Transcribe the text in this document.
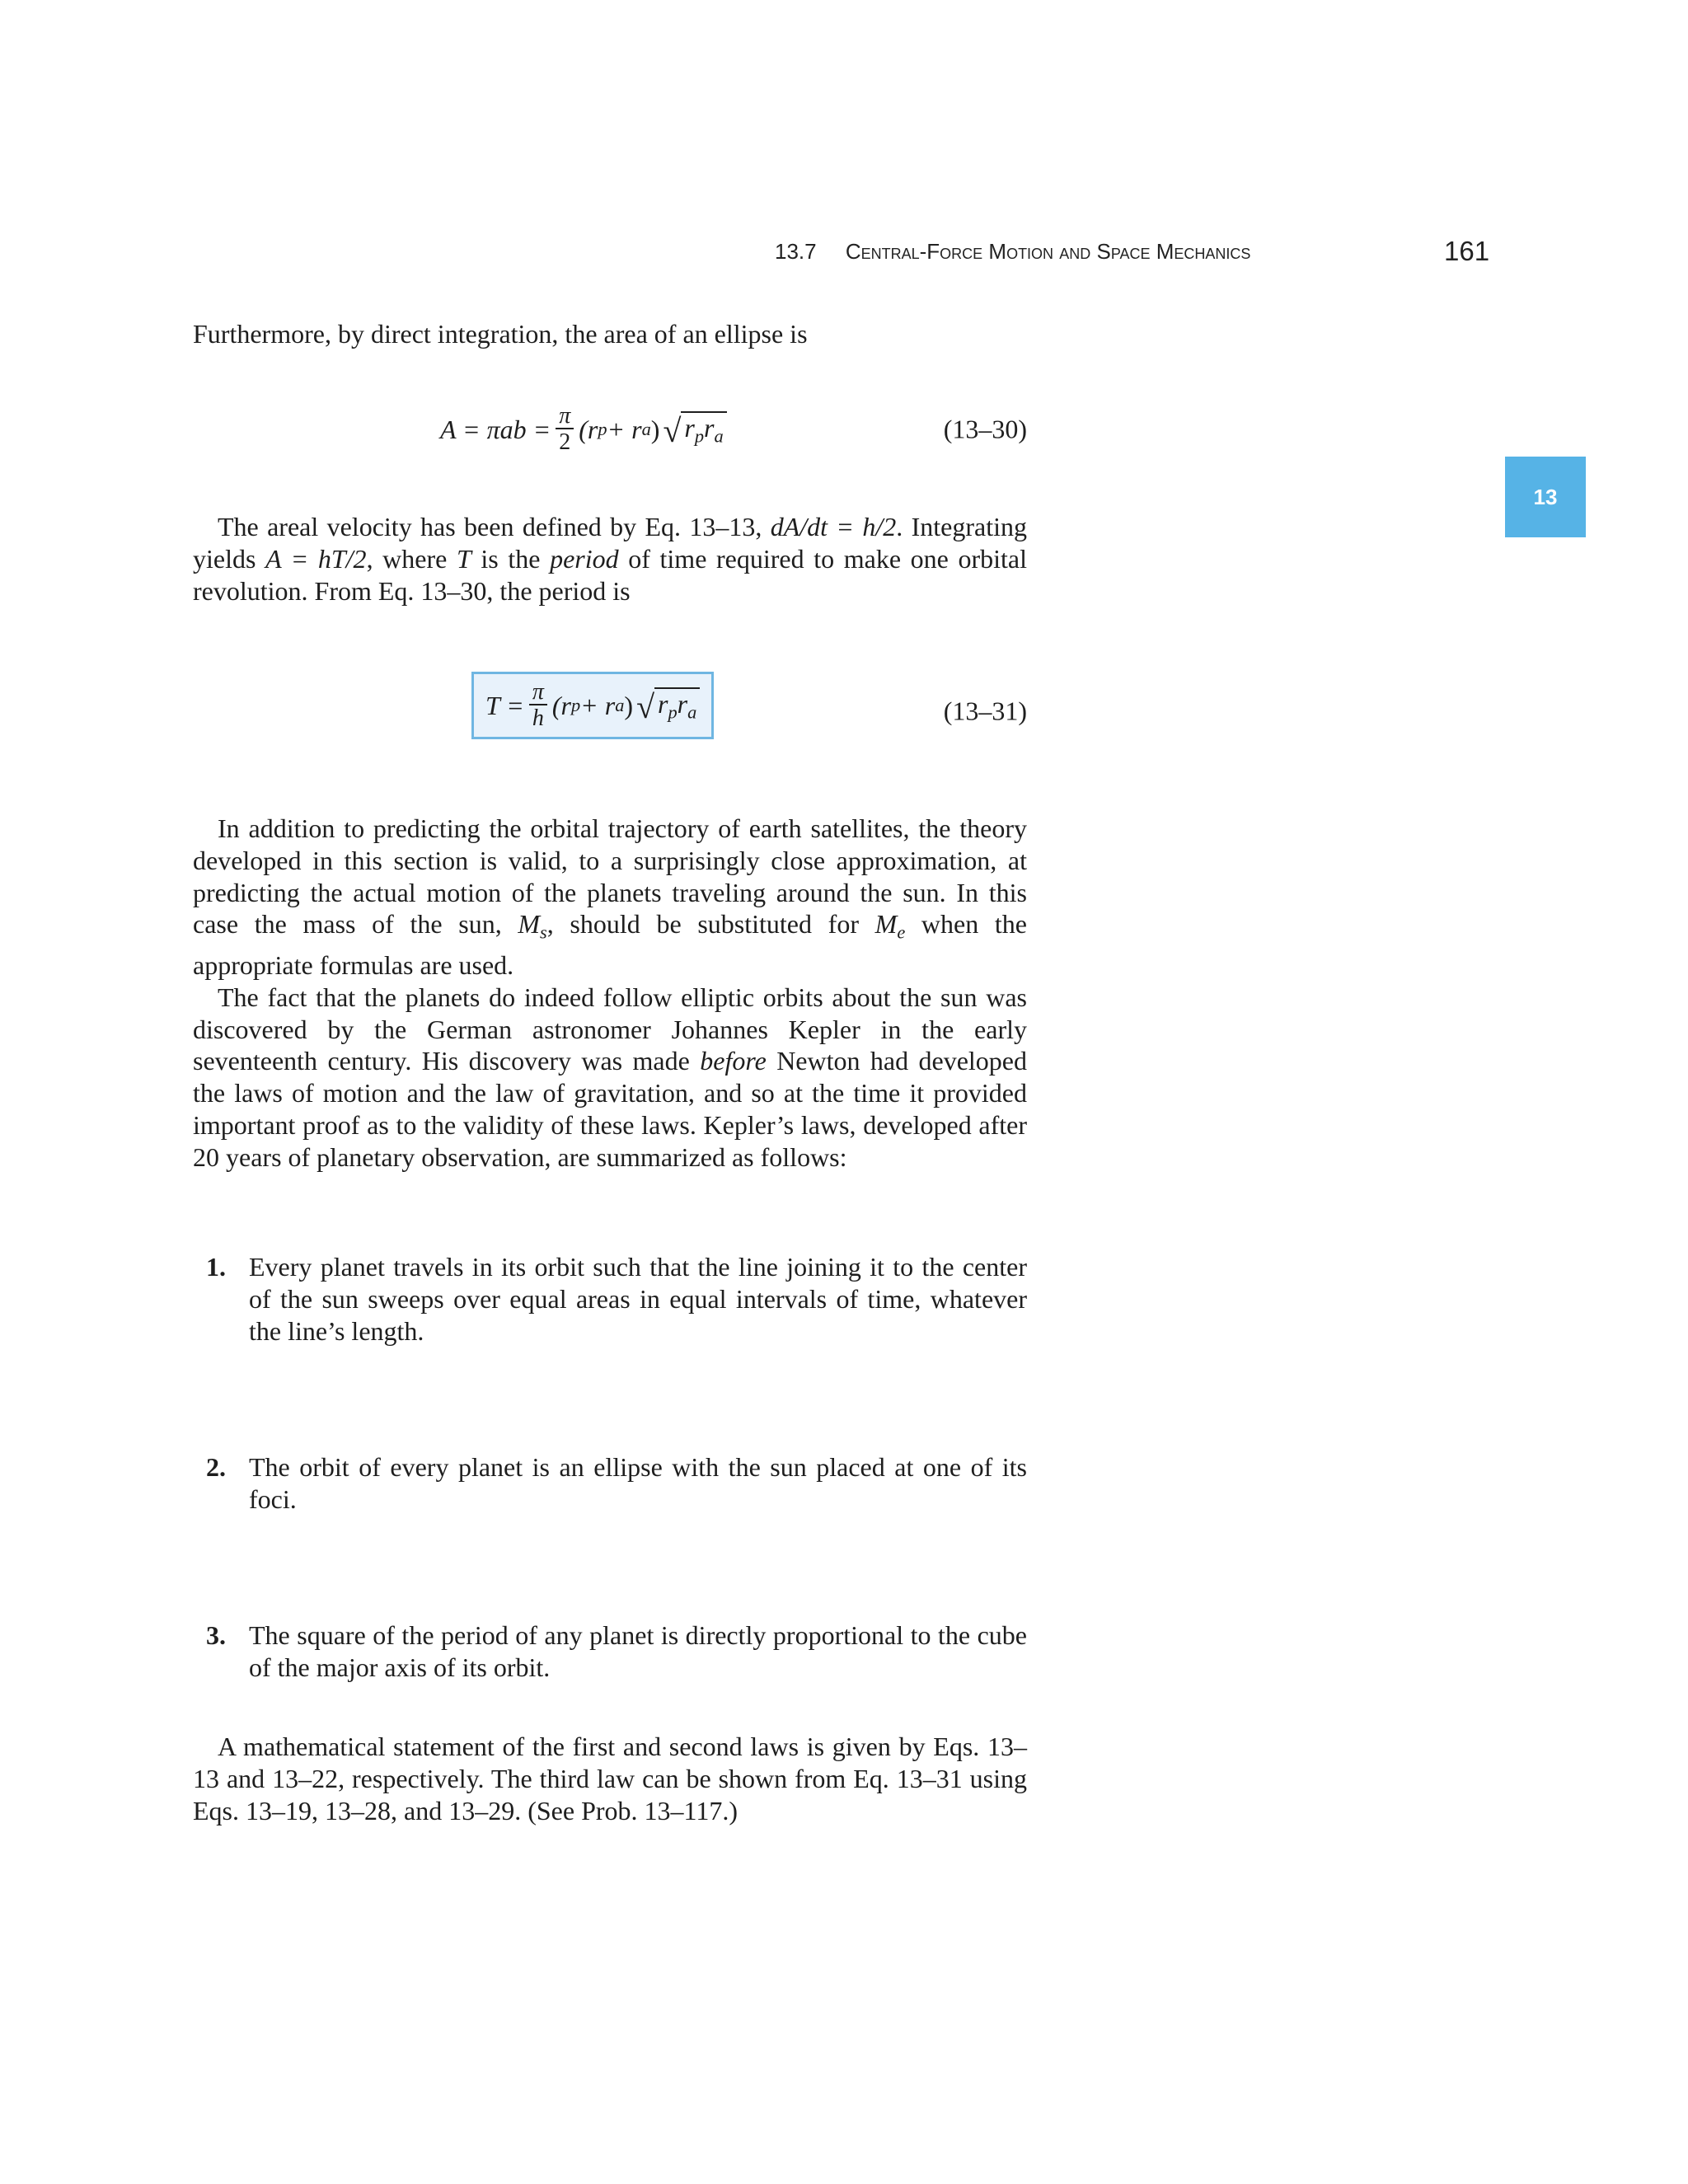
13.7 Central-Force Motion and Space Mechanics	161
13

Furthermore, by direct integration, the area of an ellipse is

$A = \pi ab = \frac{\pi}{2} (r$ p + r a ) √ $r_pr_a$	(13–30)

The areal velocity has been defined by Eq. 13–13, dA/dt = h/2. Integrating yields A = hT/2, where T is the period of time required to make one orbital revolution. From Eq. 13–30, the period is

$T = \frac{\pi}{h} (r$ p + r a ) √ $r_pr_a$	(13–31)

In addition to predicting the orbital trajectory of earth satellites, the theory developed in this section is valid, to a surprisingly close approximation, at predicting the actual motion of the planets traveling around the sun. In this case the mass of the sun, $M_s$, should be substituted for $M_e$ when the appropriate formulas are used.

The fact that the planets do indeed follow elliptic orbits about the sun was discovered by the German astronomer Johannes Kepler in the early seventeenth century. His discovery was made before Newton had developed the laws of motion and the law of gravitation, and so at the time it provided important proof as to the validity of these laws. Kepler’s laws, developed after 20 years of planetary observation, are summarized as follows:

1. Every planet travels in its orbit such that the line joining it to the center of the sun sweeps over equal areas in equal intervals of time, whatever the line’s length.

2. The orbit of every planet is an ellipse with the sun placed at one of its foci.

3. The square of the period of any planet is directly proportional to the cube of the major axis of its orbit.

A mathematical statement of the first and second laws is given by Eqs. 13–13 and 13–22, respectively. The third law can be shown from Eq. 13–31 using Eqs. 13–19, 13–28, and 13–29. (See Prob. 13–117.)
